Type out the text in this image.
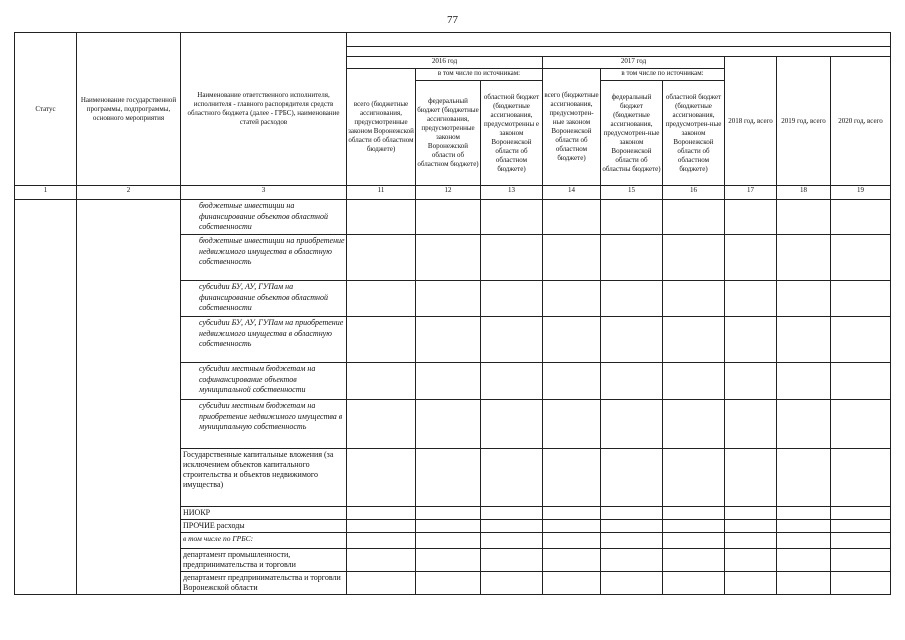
77
Статус	Наименование государственной программы, подпрограммы, основного мероприятия	Наименование ответственного исполнителя, исполнителя - главного распорядителя средств областного бюджета (далее - ГРБС), наименование статей расходов									

			2016 год			2017 год			2018 год, всего	2019 год, всего	2020 год, всего
			всего (бюджетные ассигнования, предусмотренные законом Воронежской области об областном бюджете)	в том числе по источникам:		всего (бюджетные ассигнования, предусмотрен-ные законом Воронежской области об областном бюджете)	в том числе по источникам:				
				федеральный бюджет (бюджетные ассигнования, предусмотренные законом Воронежской области об областном бюджете)	областной бюджет (бюджетные ассигнования, предусмотренны е законом Воронежской области об областном бюджете)		федеральный бюджет (бюджетные ассигнования, предусмотрен-ные законом Воронежской области об областны бюджете)	областной бюджет (бюджетные ассигнования, предусмотрен-ные законом Воронежской области об областном бюджете)			
1	2	3	11	12	13	14	15	16	17	18	19
		бюджетные инвестиции на финансирование объектов областной собственности									
		бюджетные инвестиции на приобретение недвижимого имущества в областную собственность									
		субсидии БУ, АУ, ГУПам на финансирование объектов областной собственности									
		субсидии БУ, АУ, ГУПам на приобретение недвижимого имущества в областную собственность									
		субсидии местным бюджетам на софинансирование объектов муниципальной собственности									
		субсидии местным бюджетам на приобретение недвижимого имущества в муниципальную собственность									
		Государственные капитальные вложения (за исключением объектов капитального строительства и объектов недвижимого имущества)									
		НИОКР									
		ПРОЧИЕ расходы									
		в том числе по ГРБС:									
		департамент промышленности, предпринимательства и торговли									
		департамент предпринимательства и торговли Воронежской области									
